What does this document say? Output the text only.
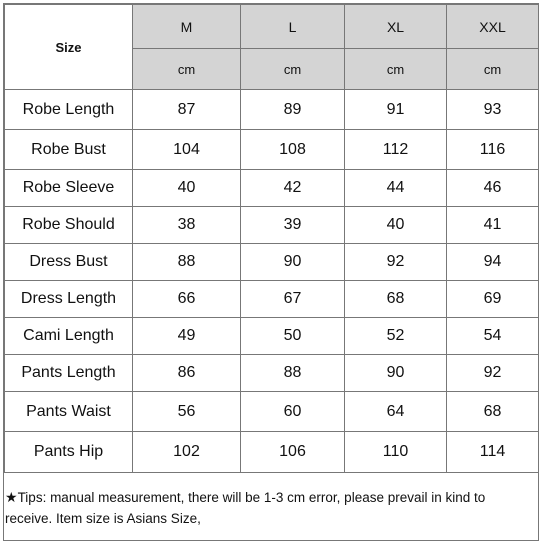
Size	M	L	XL	XXL
	cm	cm	cm	cm
Robe Length	87	89	91	93
Robe Bust	104	108	112	116
Robe Sleeve	40	42	44	46
Robe Should	38	39	40	41
Dress Bust	88	90	92	94
Dress Length	66	67	68	69
Cami Length	49	50	52	54
Pants Length	86	88	90	92
Pants Waist	56	60	64	68
Pants Hip	102	106	110	114
★Tips: manual measurement, there will be 1-3 cm error, please prevail in kind to receive. Item size is Asians Size,
